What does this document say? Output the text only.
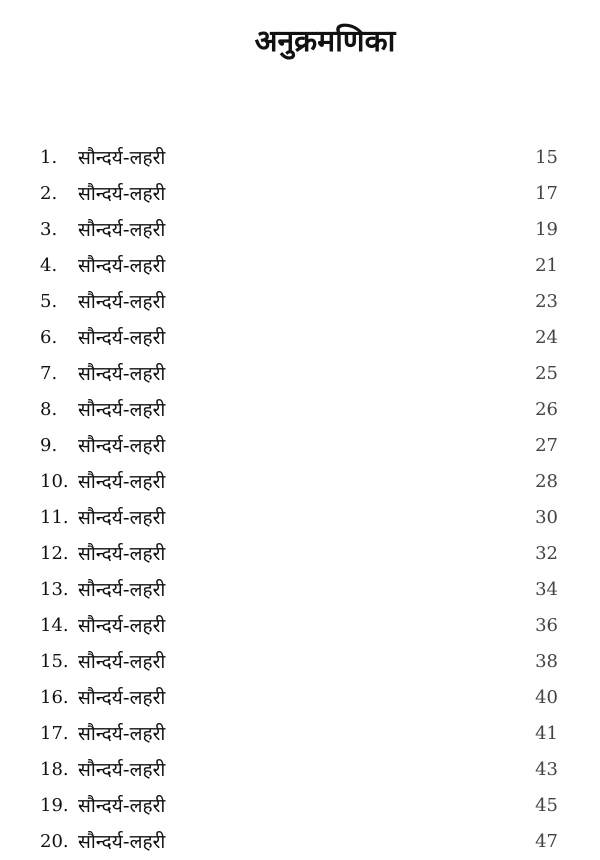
अनुक्रमणिका
1. सौन्दर्य-लहरी	15
2. सौन्दर्य-लहरी	17
3. सौन्दर्य-लहरी	19
4. सौन्दर्य-लहरी	21
5. सौन्दर्य-लहरी	23
6. सौन्दर्य-लहरी	24
7. सौन्दर्य-लहरी	25
8. सौन्दर्य-लहरी	26
9. सौन्दर्य-लहरी	27
10. सौन्दर्य-लहरी	28
11. सौन्दर्य-लहरी	30
12. सौन्दर्य-लहरी	32
13. सौन्दर्य-लहरी	34
14. सौन्दर्य-लहरी	36
15. सौन्दर्य-लहरी	38
16. सौन्दर्य-लहरी	40
17. सौन्दर्य-लहरी	41
18. सौन्दर्य-लहरी	43
19. सौन्दर्य-लहरी	45
20. सौन्दर्य-लहरी	47
